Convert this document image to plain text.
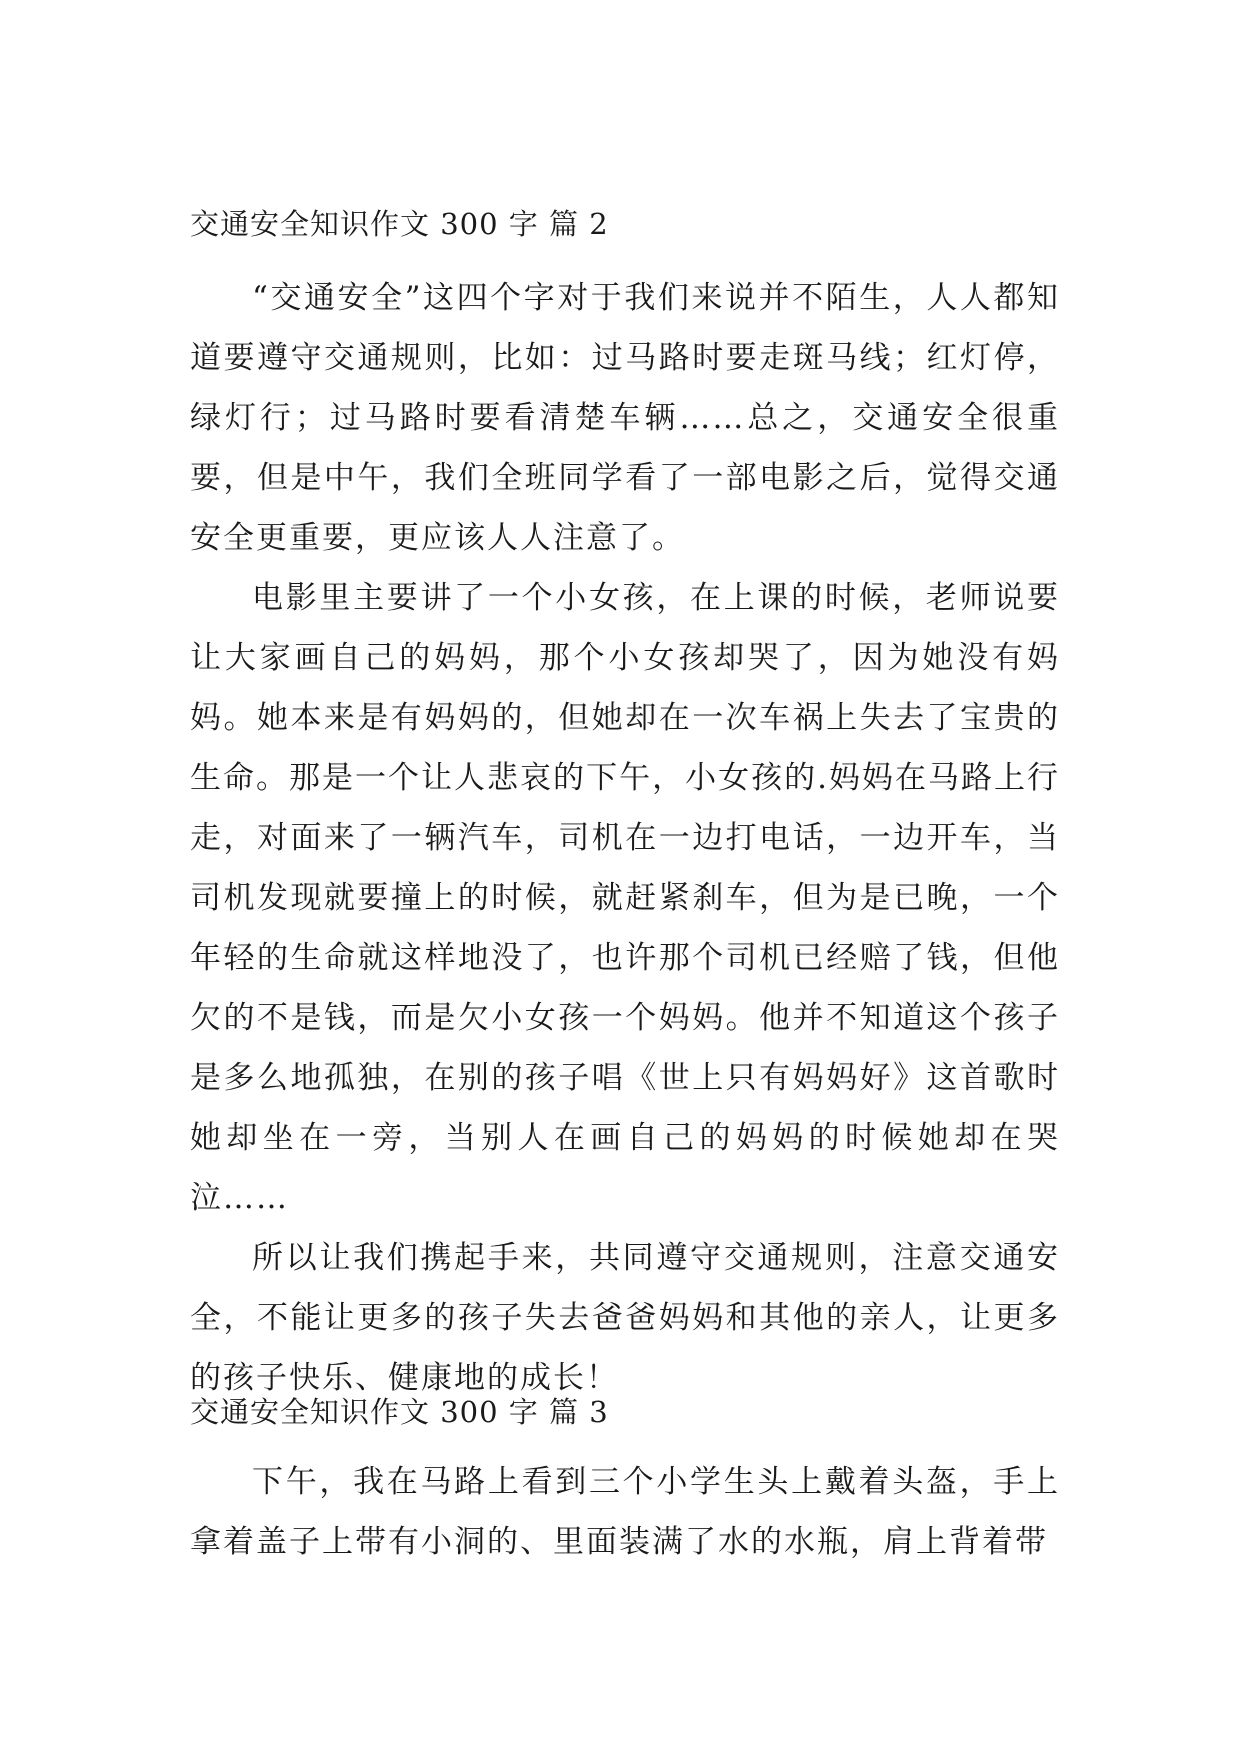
交通安全知识作文 300 字 篇 2

“交通安全”这四个字对于我们来说并不陌生，人人都知道要遵守交通规则，比如：过马路时要走斑马线；红灯停，绿灯行；过马路时要看清楚车辆……总之，交通安全很重要，但是中午，我们全班同学看了一部电影之后，觉得交通安全更重要，更应该人人注意了。

电影里主要讲了一个小女孩，在上课的时候，老师说要让大家画自己的妈妈，那个小女孩却哭了，因为她没有妈妈。她本来是有妈妈的，但她却在一次车祸上失去了宝贵的生命。那是一个让人悲哀的下午，小女孩的.妈妈在马路上行走，对面来了一辆汽车，司机在一边打电话，一边开车，当司机发现就要撞上的时候，就赶紧刹车，但为是已晚，一个年轻的生命就这样地没了，也许那个司机已经赔了钱，但他欠的不是钱，而是欠小女孩一个妈妈。他并不知道这个孩子是多么地孤独，在别的孩子唱《世上只有妈妈好》这首歌时她却坐在一旁，当别人在画自己的妈妈的时候她却在哭泣……

所以让我们携起手来，共同遵守交通规则，注意交通安全，不能让更多的孩子失去爸爸妈妈和其他的亲人，让更多的孩子快乐、健康地的成长！

交通安全知识作文 300 字 篇 3

下午，我在马路上看到三个小学生头上戴着头盔，手上拿着盖子上带有小洞的、里面装满了水的水瓶，肩上背着带
